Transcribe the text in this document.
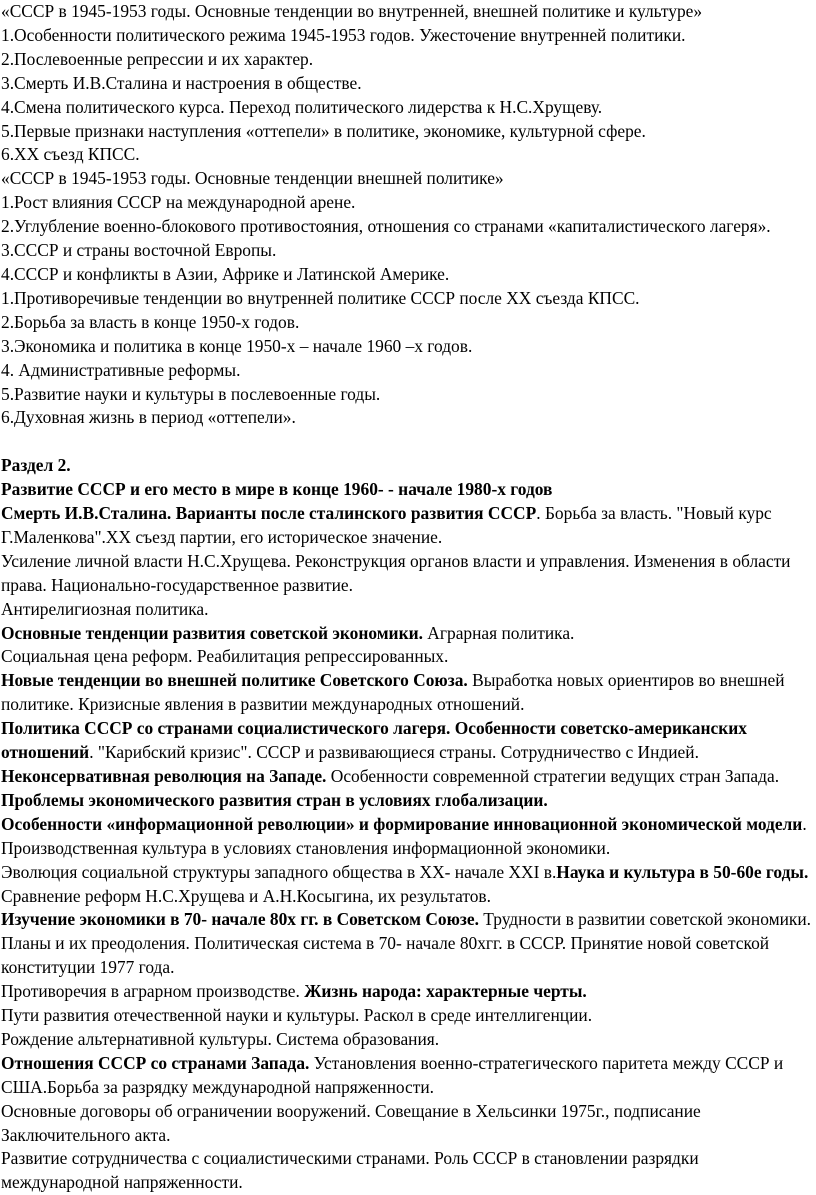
«СССР в 1945-1953 годы. Основные тенденции во внутренней, внешней политике и культуре»

1.Особенности политического режима 1945-1953 годов. Ужесточение внутренней политики.

2.Послевоенные репрессии и их характер.

3.Смерть И.В.Сталина и настроения в обществе.

4.Смена политического курса. Переход политического лидерства к Н.С.Хрущеву.

5.Первые признаки наступления «оттепели» в политике, экономике, культурной сфере.

6.XX съезд КПСС.

«СССР в 1945-1953 годы. Основные тенденции внешней политике»

1.Рост влияния СССР на международной арене.

2.Углубление военно-блокового противостояния, отношения со странами «капиталистического лагеря».

3.СССР и страны восточной Европы.

4.СССР и конфликты в Азии, Африке и Латинской Америке.

1.Противоречивые тенденции во внутренней политике СССР после XX съезда КПСС.

2.Борьба за власть в конце 1950-х годов.

3.Экономика и политика в конце 1950-х – начале 1960 –х годов.

4. Административные реформы.

5.Развитие науки и культуры в послевоенные годы.

6.Духовная жизнь в период «оттепели».

Раздел 2.

Развитие СССР и его место в мире в конце 1960- - начале 1980-х годов

Смерть И.В.Сталина. Варианты после сталинского развития СССР. Борьба за власть. "Новый курс Г.Маленкова".XX съезд партии, его историческое значение.

Усиление личной власти Н.С.Хрущева. Реконструкция органов власти и управления. Изменения в области права. Национально-государственное развитие.

Антирелигиозная политика.

Основные тенденции развития советской экономики. Аграрная политика.

Социальная цена реформ. Реабилитация репрессированных.

Новые тенденции во внешней политике Советского Союза. Выработка новых ориентиров во внешней политике. Кризисные явления в развитии международных отношений.

Политика СССР со странами социалистического лагеря. Особенности советско-американских отношений. "Карибский кризис". СССР и развивающиеся страны. Сотрудничество с Индией.

Неконсервативная революция на Западе. Особенности современной стратегии ведущих стран Запада.

Проблемы экономического развития стран в условиях глобализации.

Особенности «информационной революции» и формирование инновационной экономической модели. Производственная культура в условиях становления информационной экономики.

Эволюция социальной структуры западного общества в XX- начале XXI в.Наука и культура в 50-60е годы.

Сравнение реформ Н.С.Хрущева и А.Н.Косыгина, их результатов.

Изучение экономики в 70- начале 80х гг. в Советском Союзе. Трудности в развитии советской экономики. Планы и их преодоления. Политическая система в 70- начале 80хгг. в СССР. Принятие новой советской конституции 1977 года.

Противоречия в аграрном производстве. Жизнь народа: характерные черты.

Пути развития отечественной науки и культуры. Раскол в среде интеллигенции.

Рождение альтернативной культуры. Система образования.

Отношения СССР со странами Запада. Установления военно-стратегического паритета между СССР и США.Борьба за разрядку международной напряженности.

Основные договоры об ограничении вооружений. Совещание в Хельсинки 1975г., подписание Заключительного акта.

Развитие сотрудничества с социалистическими странами. Роль СССР в становлении разрядки международной напряженности.
